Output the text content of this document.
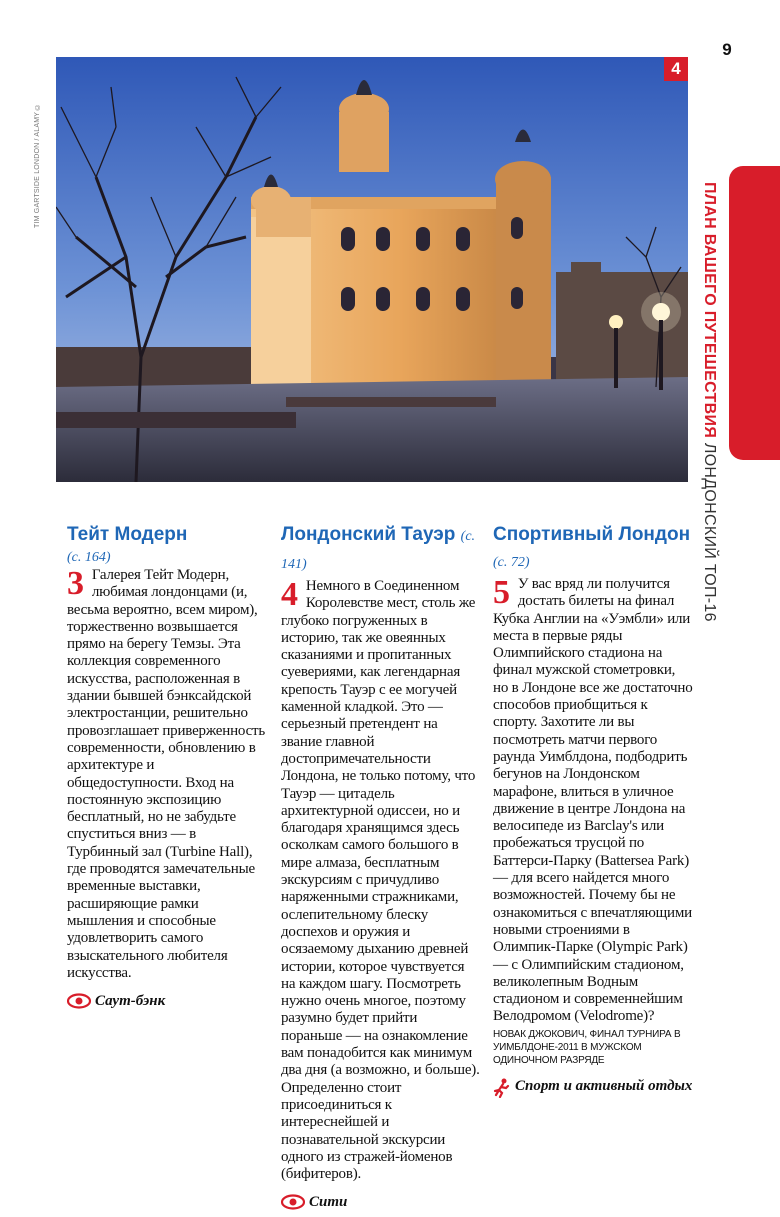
9
TIM GARTSIDE LONDON / ALAMY ©
4
ПЛАН ВАШЕГО ПУТЕШЕСТВИЯ ЛОНДОНСКИЙ ТОП-16
Тейт Модерн
(с. 164)
3 Галерея Тейт Модерн, любимая лондонцами (и, весьма вероятно, всем миром), торжественно возвышается прямо на берегу Темзы. Эта коллекция современного искусства, расположенная в здании бывшей бэнксайдской электростанции, решительно провозглашает приверженность современности, обновлению в архитектуре и общедоступности. Вход на постоянную экспозицию бесплатный, но не забудьте спуститься вниз — в Турбинный зал (Turbine Hall), где проводятся замечательные временные выставки, расширяющие рамки мышления и способные удовлетворить самого взыскательного любителя искусства.
Саут-бэнк
Лондонский Тауэр (с. 141)
4 Немного в Соединенном Королевстве мест, столь же глубоко погруженных в историю, так же овеянных сказаниями и пропитанных суевериями, как легендарная крепость Тауэр с ее могучей каменной кладкой. Это — серьезный претендент на звание главной достопримечательности Лондона, не только потому, что Тауэр — цитадель архитектурной одиссеи, но и благодаря хранящимся здесь осколкам самого большого в мире алмаза, бесплатным экскурсиям с причудливо наряженными стражниками, ослепительному блеску доспехов и оружия и осязаемому дыханию древней истории, которое чувствуется на каждом шагу. Посмотреть нужно очень многое, поэтому разумно будет прийти пораньше — на ознакомление вам понадобится как минимум два дня (а возможно, и больше). Определенно стоит присоединиться к интереснейшей и познавательной экскурсии одного из стражей-йоменов (бифитеров).
Сити
Спортивный Лондон (с. 72)
5 У вас вряд ли получится достать билеты на финал Кубка Англии на «Уэмбли» или места в первые ряды Олимпийского стадиона на финал мужской стометровки, но в Лондоне все же достаточно способов приобщиться к спорту. Захотите ли вы посмотреть матчи первого раунда Уимблдона, подбодрить бегунов на Лондонском марафоне, влиться в уличное движение в центре Лондона на велосипеде из Barclay's или пробежаться трусцой по Баттерси-Парку (Battersea Park) — для всего найдется много возможностей. Почему бы не ознакомиться с впечатляющими новыми строениями в Олимпик-Парке (Olympic Park) — с Олимпийским стадионом, великолепным Водным стадионом и современнейшим Велодромом (Velodrome)?
НОВАК ДЖОКОВИЧ, ФИНАЛ ТУРНИРА В УИМБЛДОНЕ-2011 В МУЖСКОМ ОДИНОЧНОМ РАЗРЯДЕ
Спорт и активный отдых
